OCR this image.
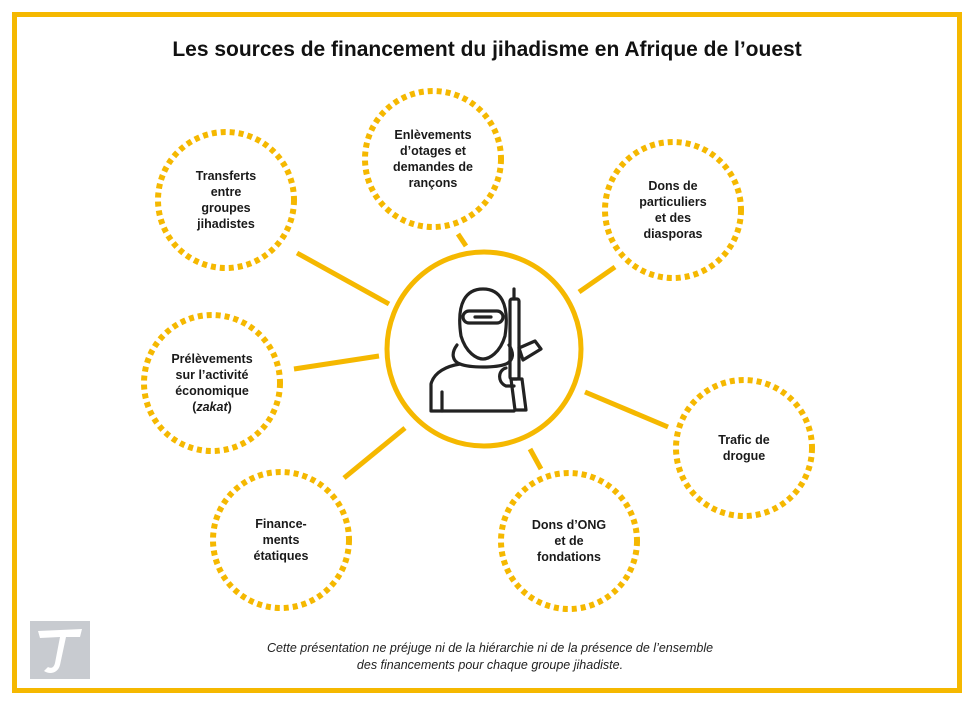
Les sources de financement du jihadisme en Afrique de l’ouest
Enlèvements
d’otages et
demandes de
rançons	Dons de
particuliers
et des
diasporas
Trafic de
drogue
Dons d’ONG
et de
fondations
Finance-
ments
étatiques
Prélèvements
sur l’activité
économique
(zakat)
Transferts
entre
groupes
jihadistes
Cette présentation ne préjuge ni de la hiérarchie ni de la présence de l’ensemble
des financements pour chaque groupe jihadiste.
